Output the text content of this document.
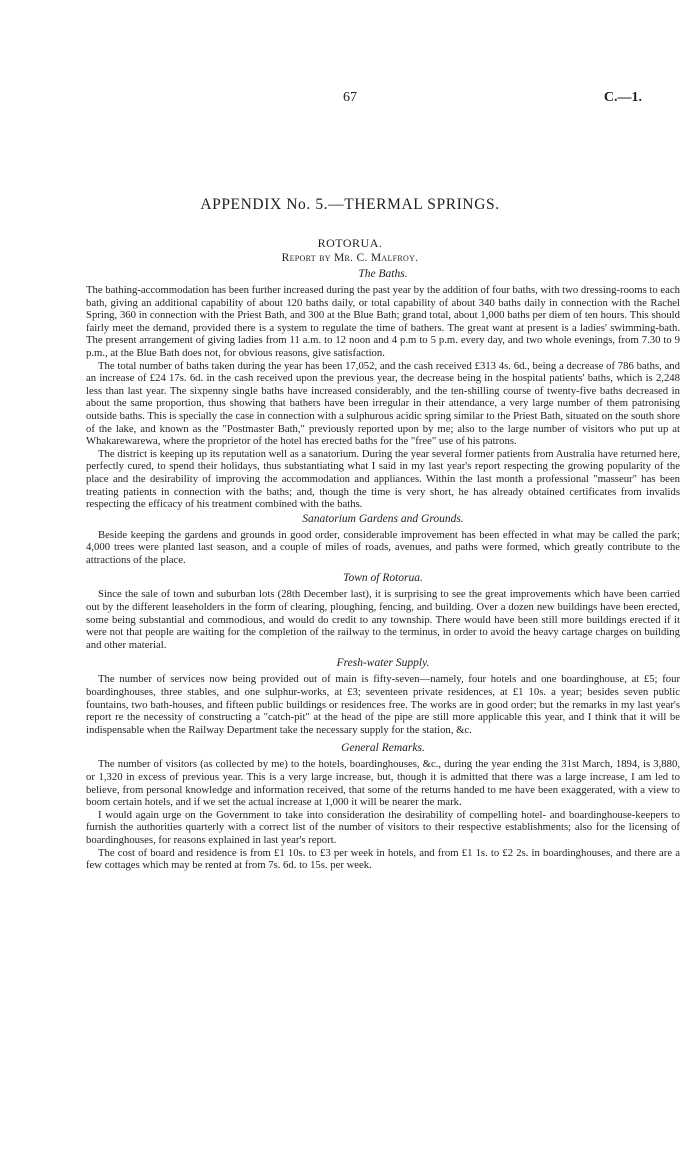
67	C.—1.
APPENDIX No. 5.—THERMAL SPRINGS.
ROTORUA.
Report by Mr. C. Malfroy.
The Baths.

The bathing-accommodation has been further increased during the past year by the addition of four baths, with two dressing-rooms to each bath, giving an additional capability of about 120 baths daily, or total capability of about 340 baths daily in connection with the Rachel Spring, 360 in connection with the Priest Bath, and 300 at the Blue Bath; grand total, about 1,000 baths per diem of ten hours. This should fairly meet the demand, provided there is a system to regulate the time of bathers. The great want at present is a ladies' swimming-bath. The present arrangement of giving ladies from 11 a.m. to 12 noon and 4 p.m to 5 p.m. every day, and two whole evenings, from 7.30 to 9 p.m., at the Blue Bath does not, for obvious reasons, give satisfaction.

The total number of baths taken during the year has been 17,052, and the cash received £313 4s. 6d., being a decrease of 786 baths, and an increase of £24 17s. 6d. in the cash received upon the previous year, the decrease being in the hospital patients' baths, which is 2,248 less than last year. The sixpenny single baths have increased considerably, and the ten-shilling course of twenty-five baths decreased in about the same proportion, thus showing that bathers have been irregular in their attendance, a very large number of them patronising outside baths. This is specially the case in connection with a sulphurous acidic spring similar to the Priest Bath, situated on the south shore of the lake, and known as the "Postmaster Bath," previously reported upon by me; also to the large number of visitors who put up at Whakarewarewa, where the proprietor of the hotel has erected baths for the "free" use of his patrons.

The district is keeping up its reputation well as a sanatorium. During the year several former patients from Australia have returned here, perfectly cured, to spend their holidays, thus substantiating what I said in my last year's report respecting the growing popularity of the place and the desirability of improving the accommodation and appliances. Within the last month a professional "masseur" has been treating patients in connection with the baths; and, though the time is very short, he has already obtained certificates from invalids respecting the efficacy of his treatment combined with the baths.

Sanatorium Gardens and Grounds.

Beside keeping the gardens and grounds in good order, considerable improvement has been effected in what may be called the park; 4,000 trees were planted last season, and a couple of miles of roads, avenues, and paths were formed, which greatly contribute to the attractions of the place.

Town of Rotorua.

Since the sale of town and suburban lots (28th December last), it is surprising to see the great improvements which have been carried out by the different leaseholders in the form of clearing, ploughing, fencing, and building. Over a dozen new buildings have been erected, some being substantial and commodious, and would do credit to any township. There would have been still more buildings erected if it were not that people are waiting for the completion of the railway to the terminus, in order to avoid the heavy cartage charges on building and other material.

Fresh-water Supply.

The number of services now being provided out of main is fifty-seven—namely, four hotels and one boardinghouse, at £5; four boardinghouses, three stables, and one sulphur-works, at £3; seventeen private residences, at £1 10s. a year; besides seven public fountains, two bath-houses, and fifteen public buildings or residences free. The works are in good order; but the remarks in my last year's report re the necessity of constructing a "catch-pit" at the head of the pipe are still more applicable this year, and I think that it will be indispensable when the Railway Department take the necessary supply for the station, &c.

General Remarks.

The number of visitors (as collected by me) to the hotels, boardinghouses, &c., during the year ending the 31st March, 1894, is 3,880, or 1,320 in excess of previous year. This is a very large increase, but, though it is admitted that there was a large increase, I am led to believe, from personal knowledge and information received, that some of the returns handed to me have been exaggerated, with a view to boom certain hotels, and if we set the actual increase at 1,000 it will be nearer the mark.

I would again urge on the Government to take into consideration the desirability of compelling hotel- and boardinghouse-keepers to furnish the authorities quarterly with a correct list of the number of visitors to their respective establishments; also for the licensing of boardinghouses, for reasons explained in last year's report.

The cost of board and residence is from £1 10s. to £3 per week in hotels, and from £1 1s. to £2 2s. in boardinghouses, and there are a few cottages which may be rented at from 7s. 6d. to 15s. per week.
